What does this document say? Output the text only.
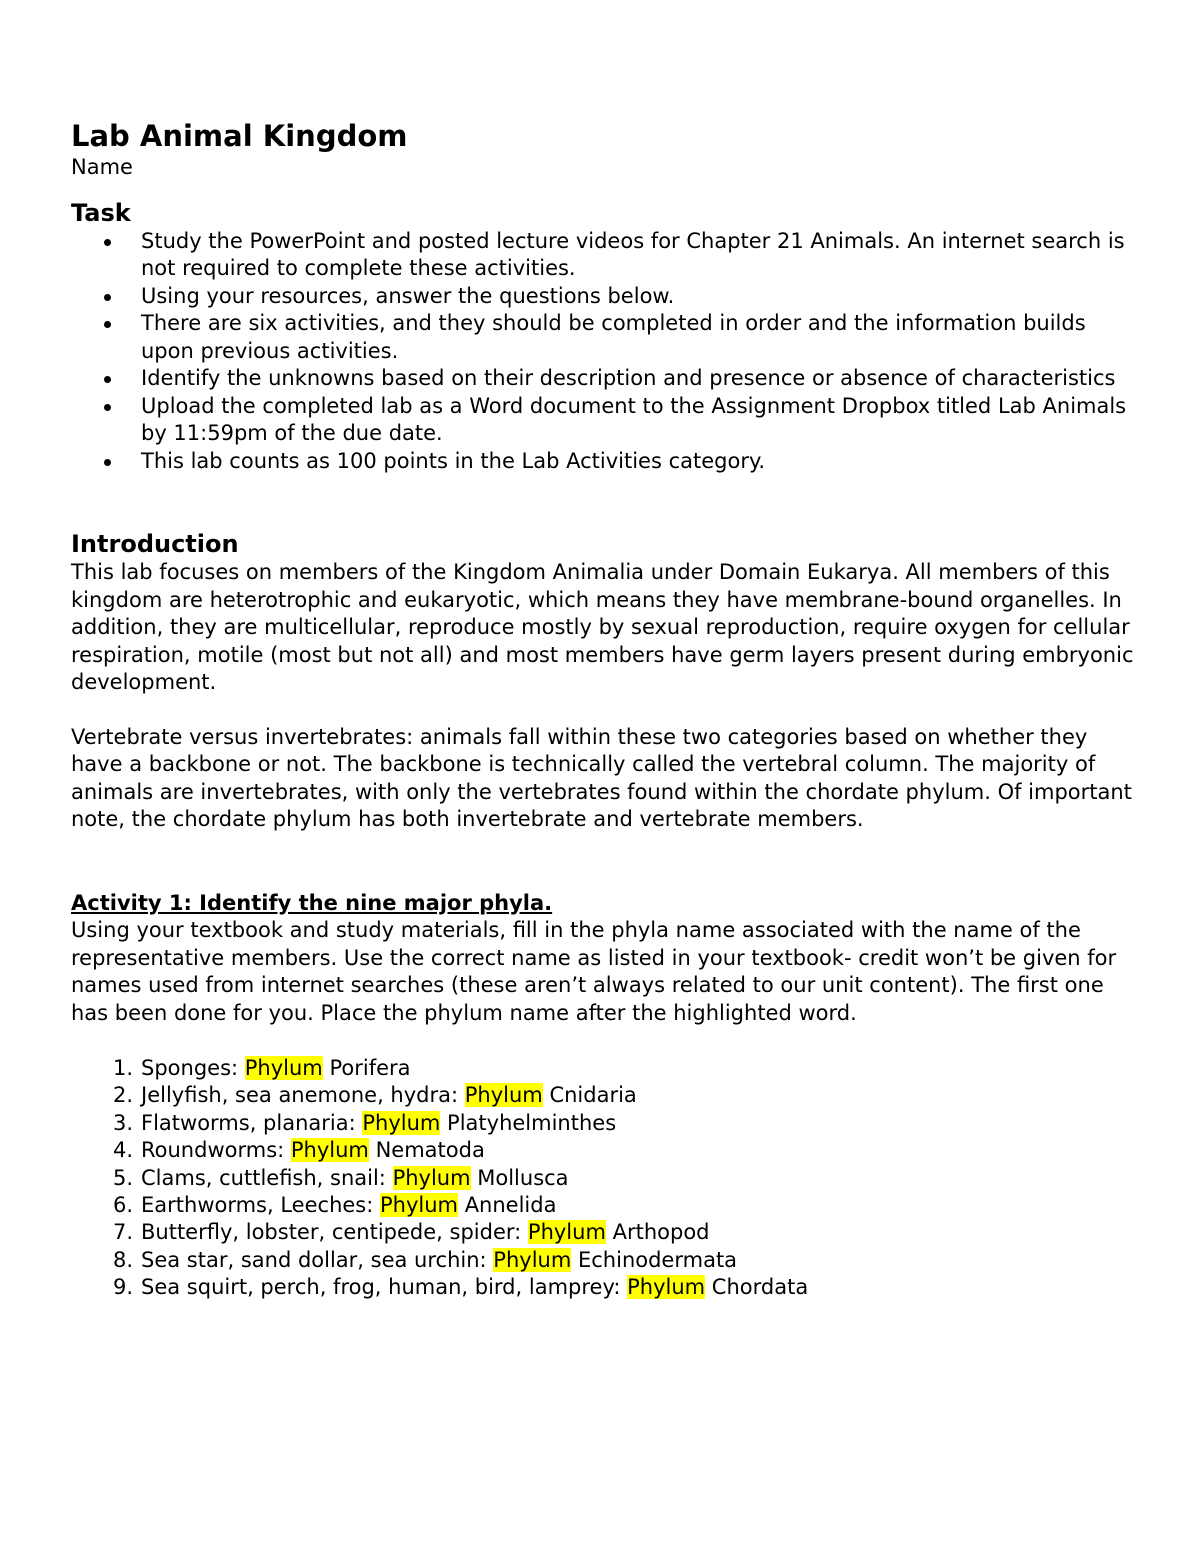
Lab Animal Kingdom
Name
Task
Study the PowerPoint and posted lecture videos for Chapter 21 Animals. An internet search is not required to complete these activities.
Using your resources, answer the questions below.
There are six activities, and they should be completed in order and the information builds upon previous activities.
Identify the unknowns based on their description and presence or absence of characteristics
Upload the completed lab as a Word document to the Assignment Dropbox titled Lab Animals by 11:59pm of the due date.
This lab counts as 100 points in the Lab Activities category.
Introduction

This lab focuses on members of the Kingdom Animalia under Domain Eukarya. All members of this kingdom are heterotrophic and eukaryotic, which means they have membrane-bound organelles. In addition, they are multicellular, reproduce mostly by sexual reproduction, require oxygen for cellular respiration, motile (most but not all) and most members have germ layers present during embryonic development.

Vertebrate versus invertebrates: animals fall within these two categories based on whether they have a backbone or not. The backbone is technically called the vertebral column. The majority of animals are invertebrates, with only the vertebrates found within the chordate phylum. Of important note, the chordate phylum has both invertebrate and vertebrate members.

Activity 1: Identify the nine major phyla.

Using your textbook and study materials, fill in the phyla name associated with the name of the representative members. Use the correct name as listed in your textbook- credit won’t be given for names used from internet searches (these aren’t always related to our unit content). The first one has been done for you. Place the phylum name after the highlighted word.

1. Sponges: Phylum Porifera
2. Jellyfish, sea anemone, hydra: Phylum Cnidaria
3. Flatworms, planaria: Phylum Platyhelminthes
4. Roundworms: Phylum Nematoda
5. Clams, cuttlefish, snail: Phylum Mollusca
6. Earthworms, Leeches: Phylum Annelida
7. Butterfly, lobster, centipede, spider: Phylum Arthopod
8. Sea star, sand dollar, sea urchin: Phylum Echinodermata
9. Sea squirt, perch, frog, human, bird, lamprey: Phylum Chordata
